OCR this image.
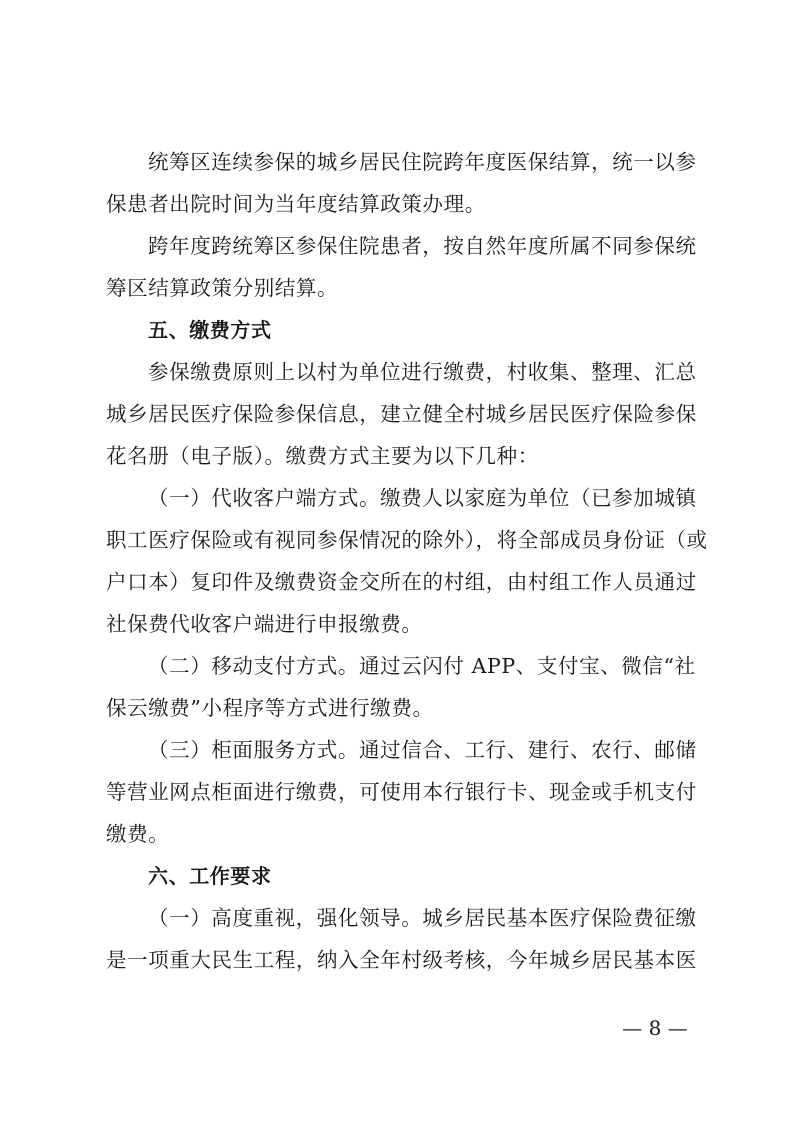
统筹区连续参保的城乡居民住院跨年度医保结算，统一以参
保患者出院时间为当年度结算政策办理。
跨年度跨统筹区参保住院患者，按自然年度所属不同参保统
筹区结算政策分别结算。
五、缴费方式
参保缴费原则上以村为单位进行缴费，村收集、整理、汇总
城乡居民医疗保险参保信息，建立健全村城乡居民医疗保险参保
花名册（电子版）。缴费方式主要为以下几种：
（一）代收客户端方式。缴费人以家庭为单位（已参加城镇
职工医疗保险或有视同参保情况的除外），将全部成员身份证（或
户口本）复印件及缴费资金交所在的村组，由村组工作人员通过
社保费代收客户端进行申报缴费。
（二）移动支付方式。通过云闪付 APP、支付宝、微信“社
保云缴费”小程序等方式进行缴费。
（三）柜面服务方式。通过信合、工行、建行、农行、邮储
等营业网点柜面进行缴费，可使用本行银行卡、现金或手机支付
缴费。
六、工作要求
（一）高度重视，强化领导。城乡居民基本医疗保险费征缴
是一项重大民生工程，纳入全年村级考核，今年城乡居民基本医
— 8 —
